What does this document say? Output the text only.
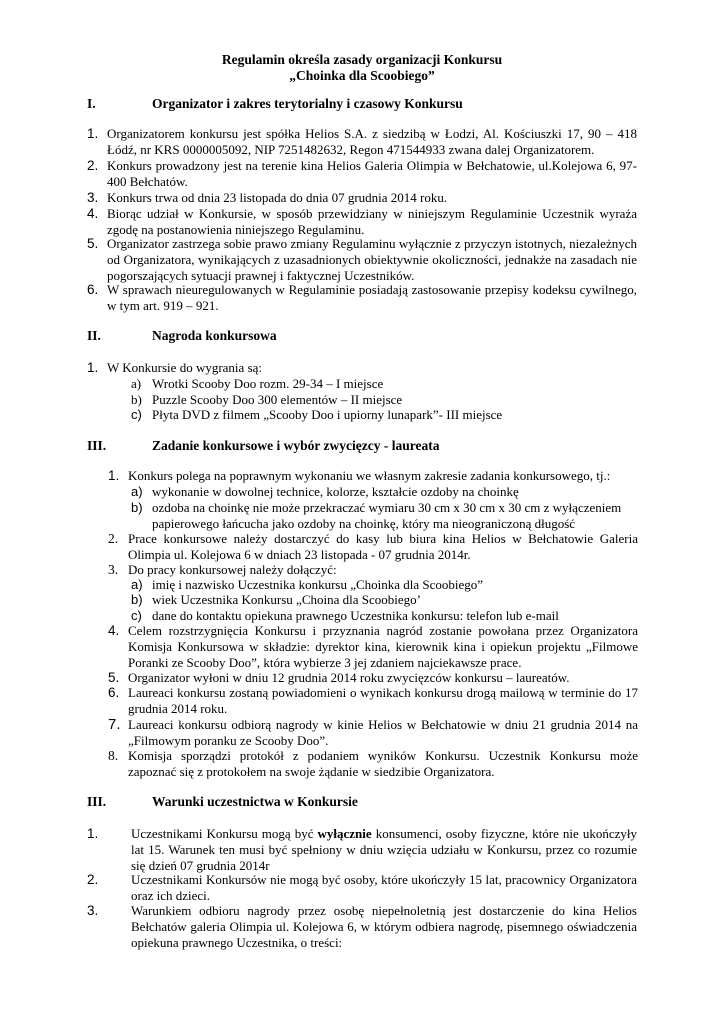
Regulamin określa zasady organizacji Konkursu
„Choinka dla Scoobiego”
I.	Organizator i zakres terytorialny i czasowy Konkursu
1. Organizatorem konkursu jest spółka Helios S.A. z siedzibą w Łodzi, Al. Kościuszki 17, 90 – 418 Łódź, nr KRS 0000005092, NIP 7251482632, Regon 471544933 zwana dalej Organizatorem.
2. Konkurs prowadzony jest na terenie kina Helios Galeria Olimpia w Bełchatowie, ul.Kolejowa 6, 97-400 Bełchatów.
3. Konkurs trwa od dnia 23 listopada do dnia 07 grudnia 2014 roku.
4. Biorąc udział w Konkursie, w sposób przewidziany w niniejszym Regulaminie Uczestnik wyraża zgodę na postanowienia niniejszego Regulaminu.
5. Organizator zastrzega sobie prawo zmiany Regulaminu wyłącznie z przyczyn istotnych, niezależnych od Organizatora, wynikających z uzasadnionych obiektywnie okoliczności, jednakże na zasadach nie pogorszających sytuacji prawnej i faktycznej Uczestników.
6. W sprawach nieuregulowanych w Regulaminie posiadają zastosowanie przepisy kodeksu cywilnego, w tym art. 919 – 921.
II.	Nagroda konkursowa
1. W Konkursie do wygrania są:
a) Wrotki Scooby Doo rozm. 29-34 – I miejsce
b) Puzzle Scooby Doo 300 elementów – II miejsce
c) Płyta DVD z filmem „Scooby Doo i upiorny lunapark”- III miejsce
III.	Zadanie konkursowe i wybór zwycięzcy - laureata
1. Konkurs polega na poprawnym wykonaniu we własnym zakresie zadania konkursowego, tj.:
a) wykonanie w dowolnej technice, kolorze, kształcie ozdoby na choinkę
b) ozdoba na choinkę nie może przekraczać wymiaru 30 cm x 30 cm x 30 cm z wyłączeniem papierowego łańcucha jako ozdoby na choinkę, który ma nieograniczoną długość
2. Prace konkursowe należy dostarczyć do kasy lub biura kina Helios w Bełchatowie Galeria Olimpia ul. Kolejowa 6 w dniach 23 listopada - 07 grudnia 2014r.
3. Do pracy konkursowej należy dołączyć:
a) imię i nazwisko Uczestnika konkursu „Choinka dla Scoobiego”
b) wiek Uczestnika Konkursu „Choina dla Scoobiego’
c) dane do kontaktu opiekuna prawnego Uczestnika konkursu: telefon lub e-mail
4. Celem rozstrzygnięcia Konkursu i przyznania nagród zostanie powołana przez Organizatora Komisja Konkursowa w składzie: dyrektor kina, kierownik kina i opiekun projektu „Filmowe Poranki ze Scooby Doo”, która wybierze 3 jej zdaniem najciekawsze prace.
5. Organizator wyłoni w dniu 12 grudnia 2014 roku zwycięzców konkursu – laureatów.
6. Laureaci konkursu zostaną powiadomieni o wynikach konkursu drogą mailową w terminie do 17 grudnia 2014 roku.
7. Laureaci konkursu odbiorą nagrody w kinie Helios w Bełchatowie w dniu 21 grudnia 2014 na „Filmowym poranku ze Scooby Doo”.
8. Komisja sporządzi protokół z podaniem wyników Konkursu. Uczestnik Konkursu może zapoznać się z protokołem na swoje żądanie w siedzibie Organizatora.
III.	Warunki uczestnictwa w Konkursie
1.	Uczestnikami Konkursu mogą być wyłącznie konsumenci, osoby fizyczne, które nie ukończyły lat 15. Warunek ten musi być spełniony w dniu wzięcia udziału w Konkursu, przez co rozumie się dzień 07 grudnia 2014r
2.	Uczestnikami Konkursów nie mogą być osoby, które ukończyły 15 lat, pracownicy Organizatora oraz ich dzieci.
3.	Warunkiem odbioru nagrody przez osobę niepełnoletnią jest dostarczenie do kina Helios Bełchatów galeria Olimpia ul. Kolejowa 6, w którym odbiera nagrodę, pisemnego oświadczenia opiekuna prawnego Uczestnika, o treści:
